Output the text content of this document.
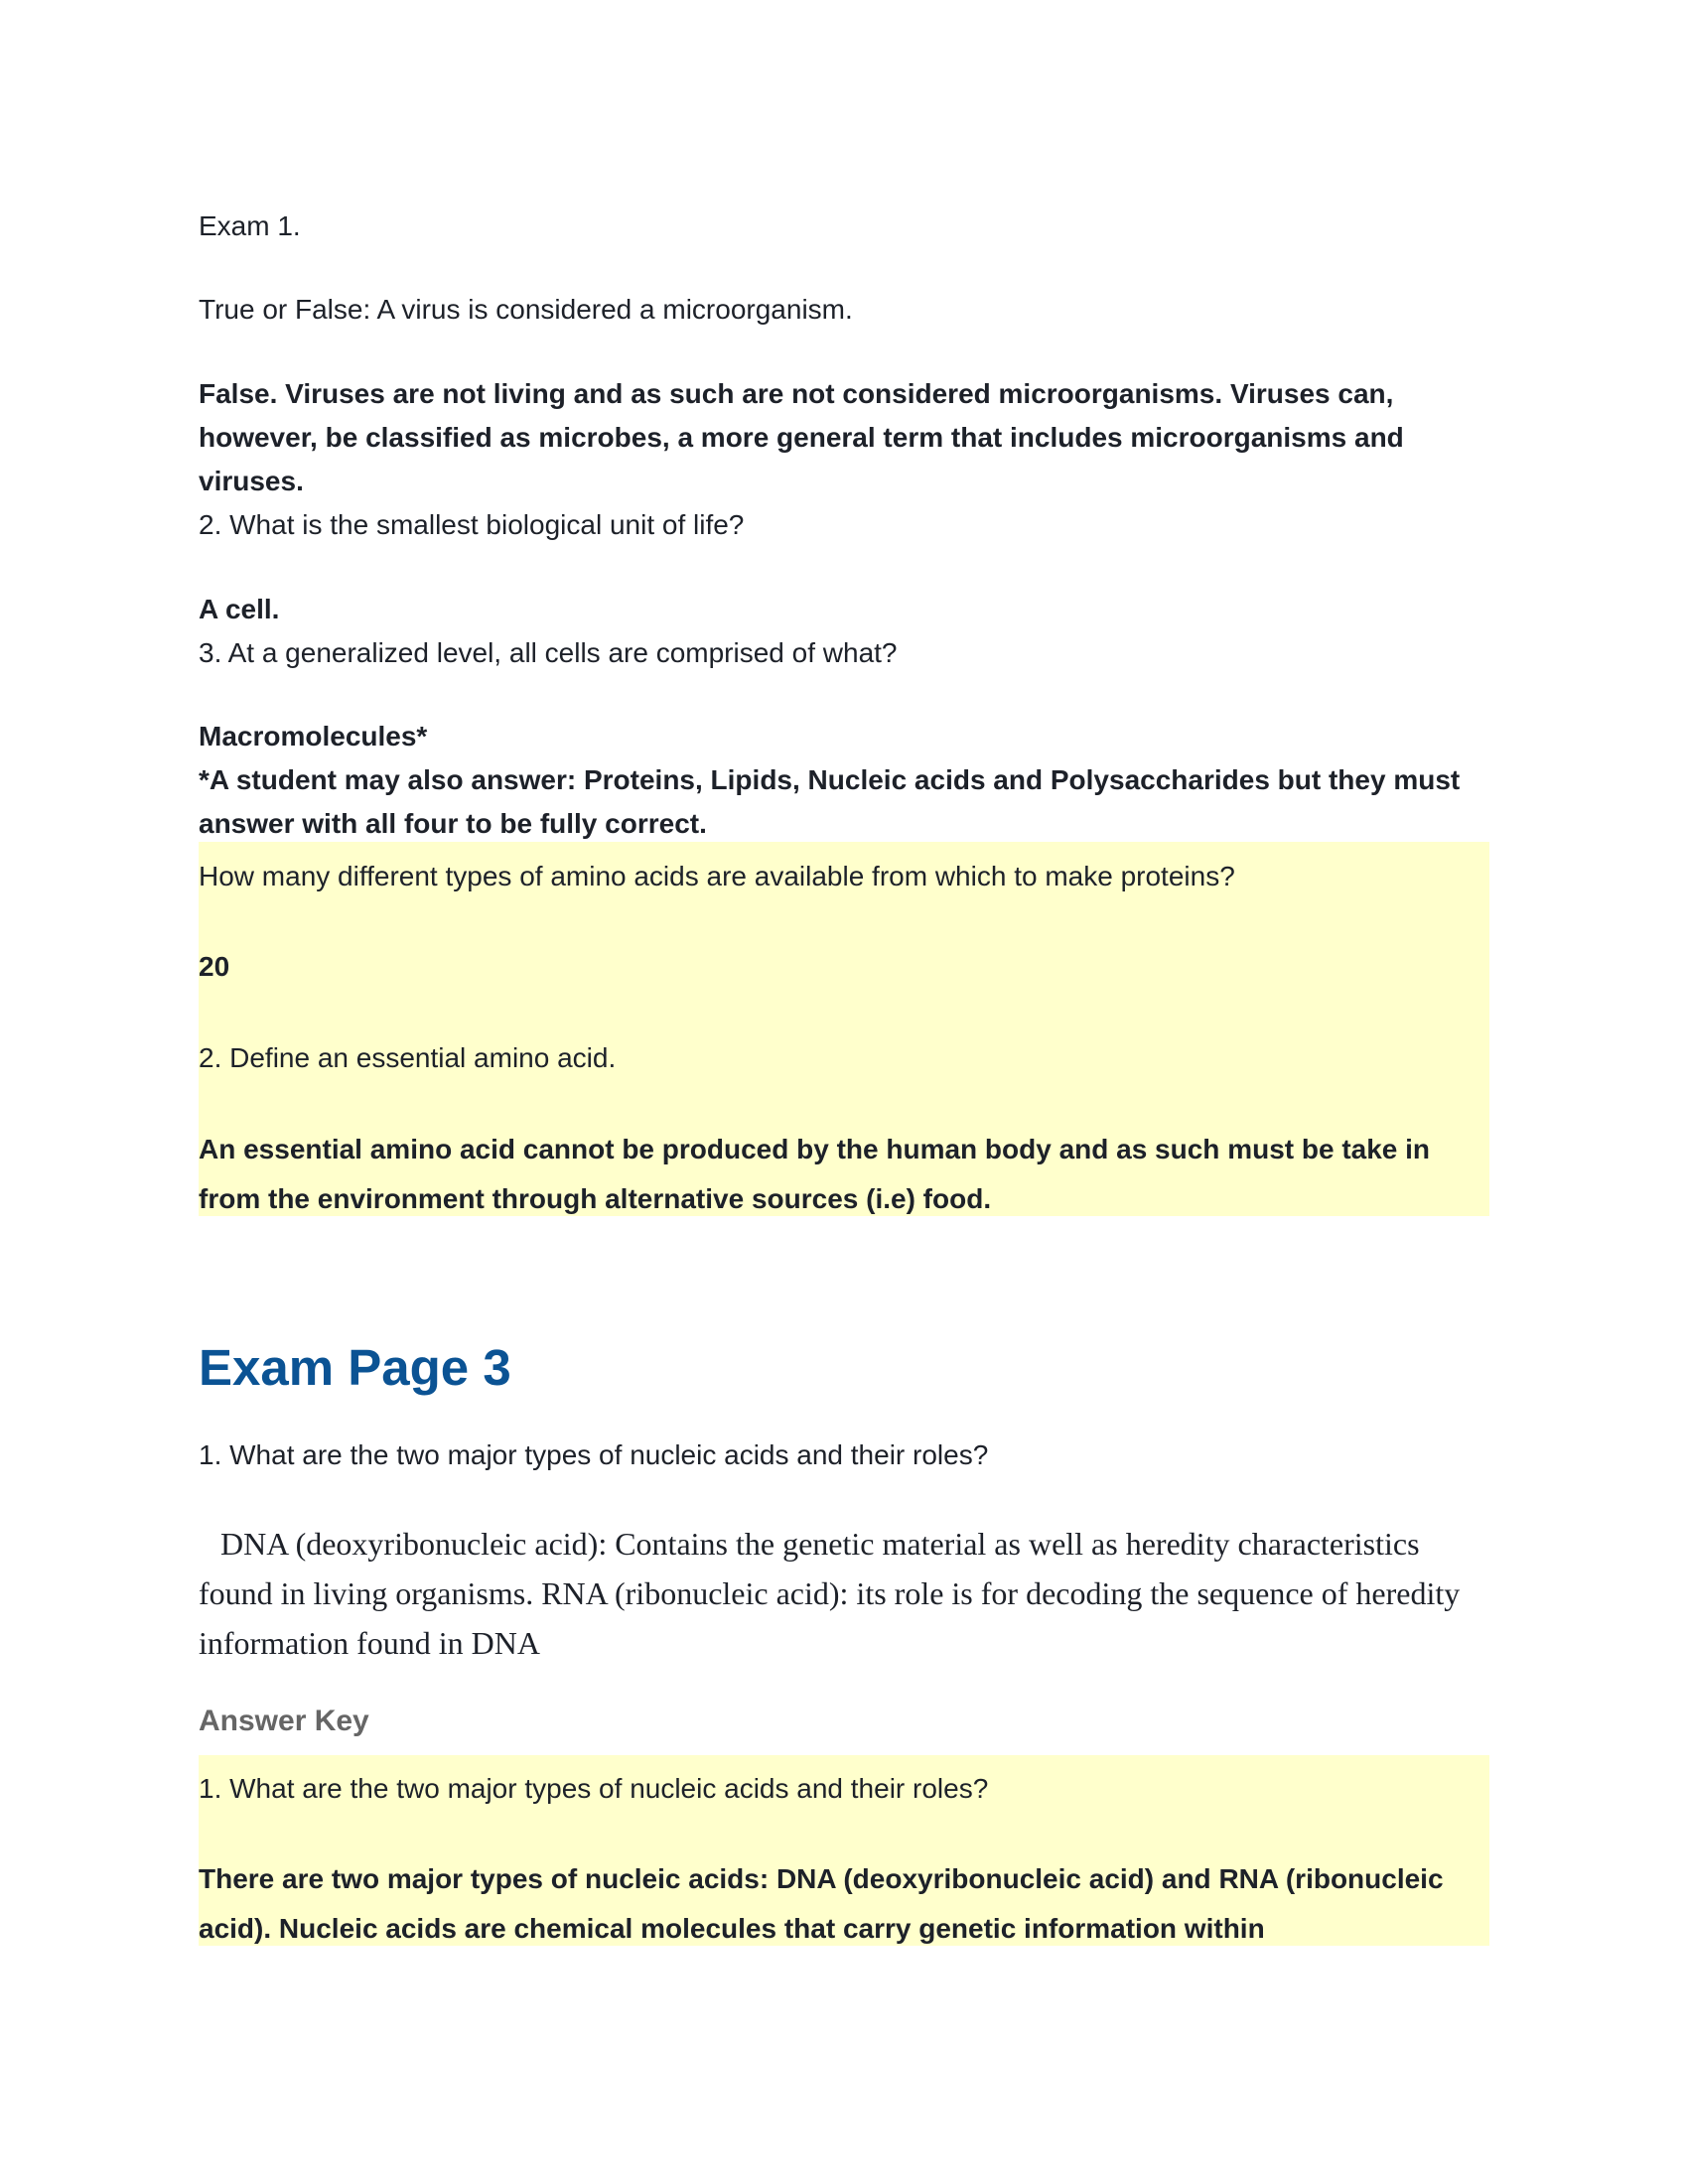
Exam 1.

True or False: A virus is considered a microorganism.

False. Viruses are not living and as such are not considered microorganisms. Viruses can, however, be classified as microbes, a more general term that includes microorganisms and viruses.

2. What is the smallest biological unit of life?

A cell.

3. At a generalized level, all cells are comprised of what?

Macromolecules*

*A student may also answer: Proteins, Lipids, Nucleic acids and Polysaccharides but they must answer with all four to be fully correct.

How many different types of amino acids are available from which to make proteins?

20

2. Define an essential amino acid.

An essential amino acid cannot be produced by the human body and as such must be take in from the environment through alternative sources (i.e) food.

Exam Page 3

1. What are the two major types of nucleic acids and their roles?

DNA (deoxyribonucleic acid): Contains the genetic material as well as heredity characteristics found in living organisms. RNA (ribonucleic acid): its role is for decoding the sequence of heredity information found in DNA

Answer Key

1. What are the two major types of nucleic acids and their roles?

There are two major types of nucleic acids: DNA (deoxyribonucleic acid) and RNA (ribonucleic acid). Nucleic acids are chemical molecules that carry genetic information within
